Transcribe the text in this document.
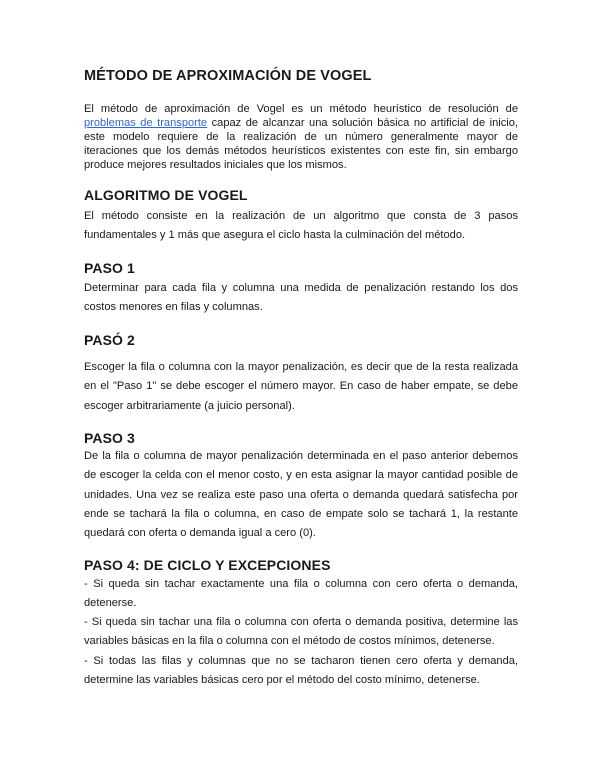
MÉTODO DE APROXIMACIÓN DE VOGEL

El método de aproximación de Vogel es un método heurístico de resolución de problemas de transporte capaz de alcanzar una solución básica no artificial de inicio, este modelo requiere de la realización de un número generalmente mayor de iteraciones que los demás métodos heurísticos existentes con este fin, sin embargo produce mejores resultados iniciales que los mismos.

ALGORITMO DE VOGEL

El método consiste en la realización de un algoritmo que consta de 3 pasos fundamentales y 1 más que asegura el ciclo hasta la culminación del método.

PASO 1

Determinar para cada fila y columna una medida de penalización restando los dos costos menores en filas y columnas.

PASÓ 2

Escoger la fila o columna con la mayor penalización, es decir que de la resta realizada en el "Paso 1" se debe escoger el número mayor. En caso de haber empate, se debe escoger arbitrariamente (a juicio personal).

PASO 3

De la fila o columna de mayor penalización determinada en el paso anterior debemos de escoger la celda con el menor costo, y en esta asignar la mayor cantidad posible de unidades. Una vez se realiza este paso una oferta o demanda quedará satisfecha por ende se tachará la fila o columna, en caso de empate solo se tachará 1, la restante quedará con oferta o demanda igual a cero (0).

PASO 4: DE CICLO Y EXCEPCIONES

- Si queda sin tachar exactamente una fila o columna con cero oferta o demanda, detenerse.

- Si queda sin tachar una fila o columna con oferta o demanda positiva, determine las variables básicas en la fila o columna con el método de costos mínimos, detenerse.

- Si todas las filas y columnas que no se tacharon tienen cero oferta y demanda, determine las variables básicas cero por el método del costo mínimo, detenerse.
